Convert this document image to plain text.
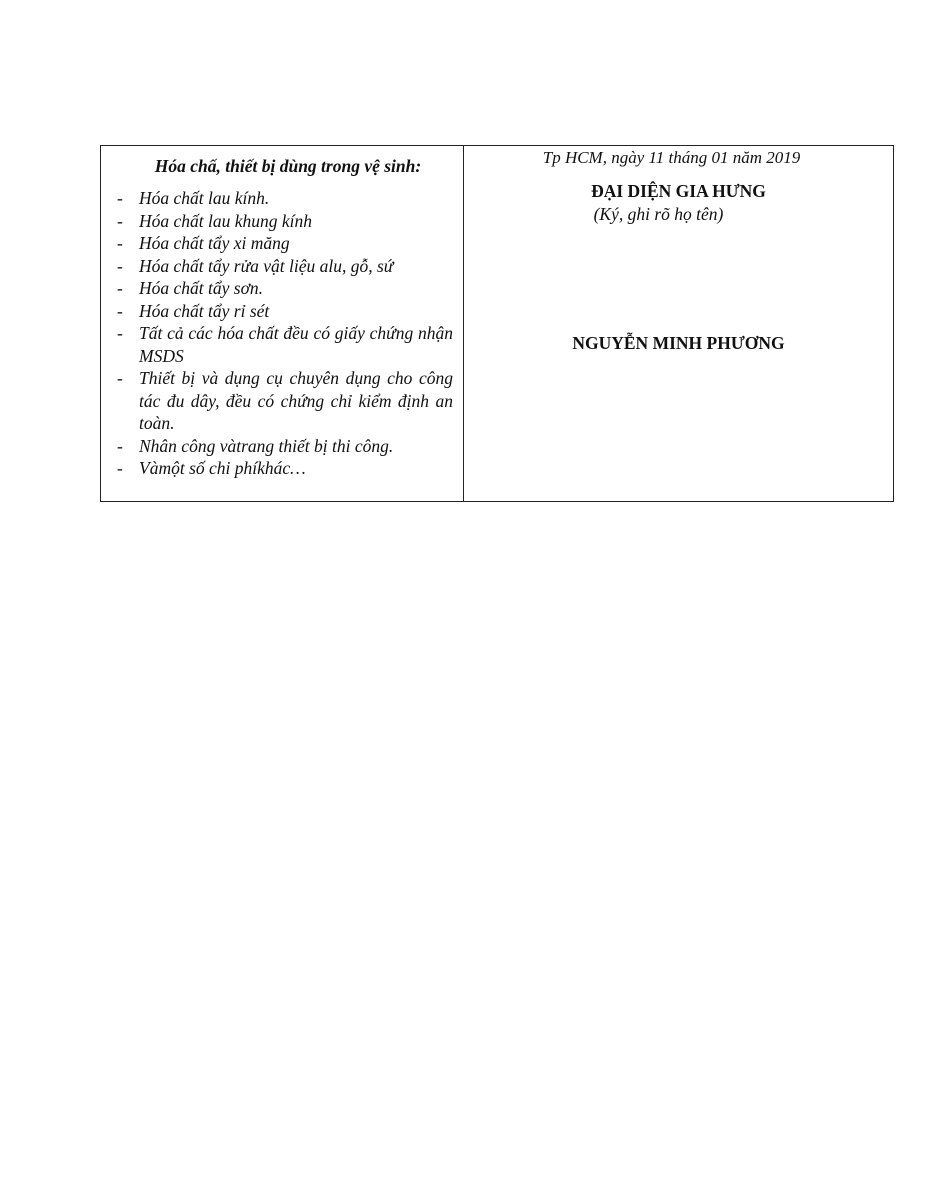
Hóa chấ, thiết bị dùng trong vệ sinh:
- Hóa chất lau kính.
- Hóa chất lau khung kính
- Hóa chất tẩy xi măng
- Hóa chất tẩy rửa vật liệu alu, gỗ, sứ
- Hóa chất tẩy sơn.
- Hóa chất tẩy rỉ sét
- Tất cả các hóa chất đều có giấy chứng nhận MSDS
- Thiết bị và dụng cụ chuyên dụng cho công tác đu dây, đều có chứng chỉ kiểm định an toàn.
- Nhân công vàtrang thiết bị thi công.
- Vàmột số chi phíkhác…
Tp HCM, ngày 11 tháng 01 năm 2019
ĐẠI DIỆN GIA HƯNG
(Ký, ghi rõ họ tên)
NGUYỄN MINH PHƯƠNG
